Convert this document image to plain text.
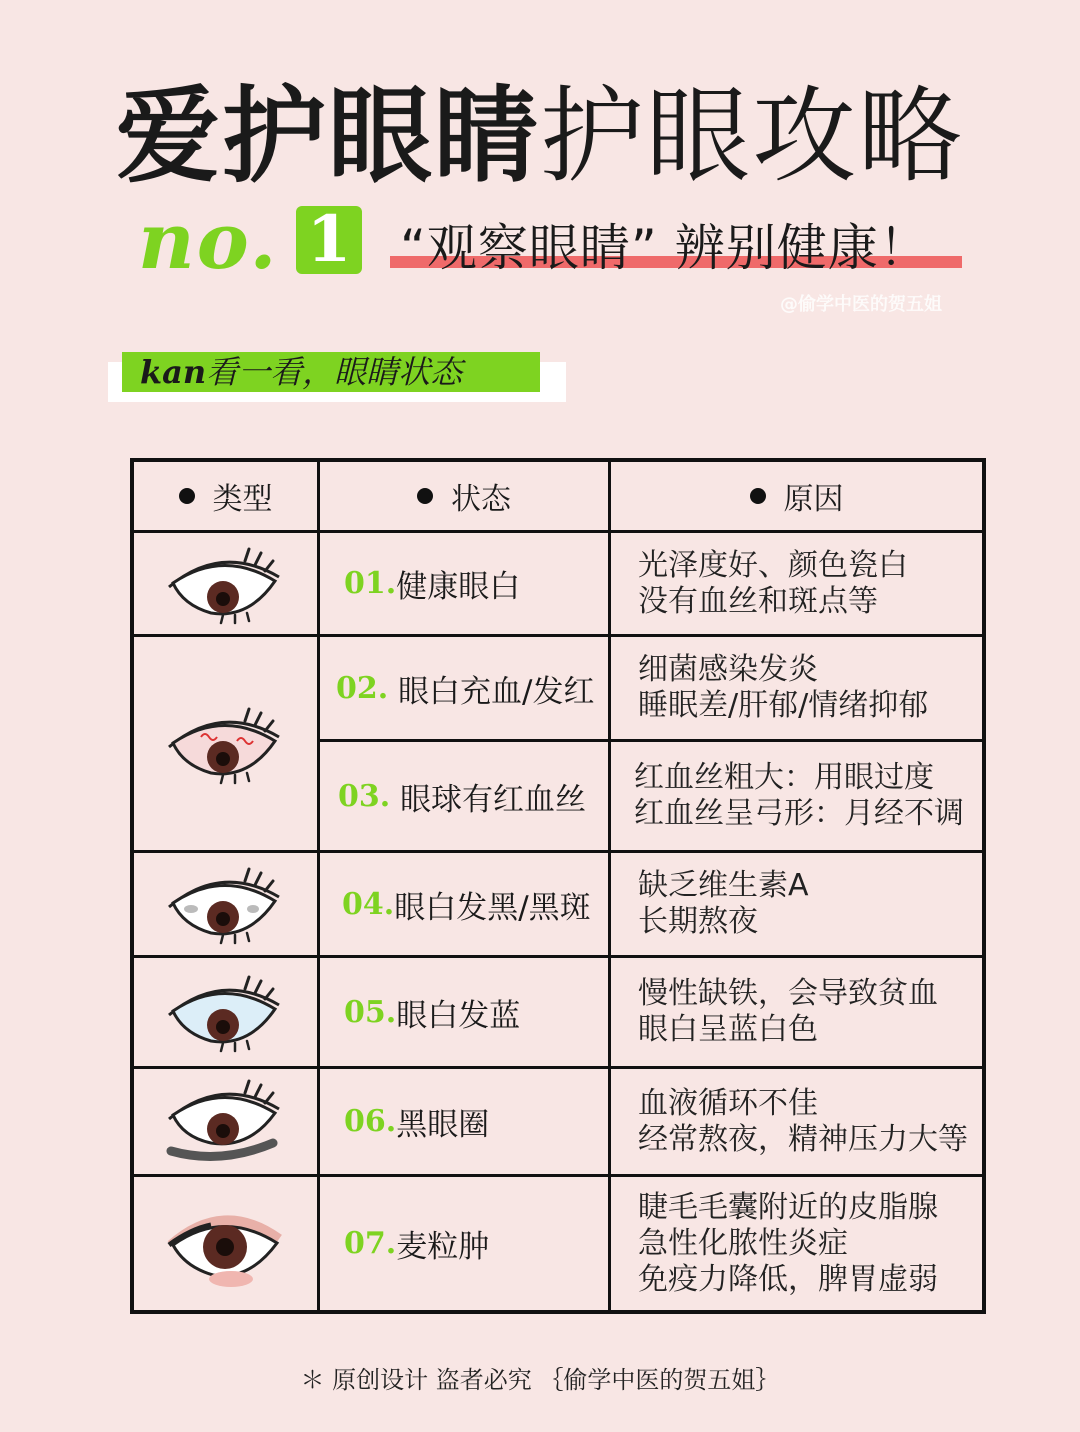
爱护眼睛护眼攻略
no. 1 “观察眼睛” 辨别健康！
@偷学中医的贺五姐
kan看一看，眼睛状态
类型	状态	原因
01. 健康眼白
02.
眼白充血/发红
03.
眼球有红血丝
04. 眼白发黑/黑斑
05. 眼白发蓝
06. 黑眼圈
07. 麦粒肿
光泽度好、颜色瓷白
没有血丝和斑点等
细菌感染发炎
睡眠差/肝郁/情绪抑郁
红血丝粗大：用眼过度
红血丝呈弓形：月经不调
缺乏维生素A
长期熬夜
慢性缺铁，会导致贫血
眼白呈蓝白色
血液循环不佳
经常熬夜，精神压力大等
睫毛毛囊附近的皮脂腺
急性化脓性炎症
免疫力降低，脾胃虚弱
＊ 原创设计 盗者必究 ｛偷学中医的贺五姐｝
